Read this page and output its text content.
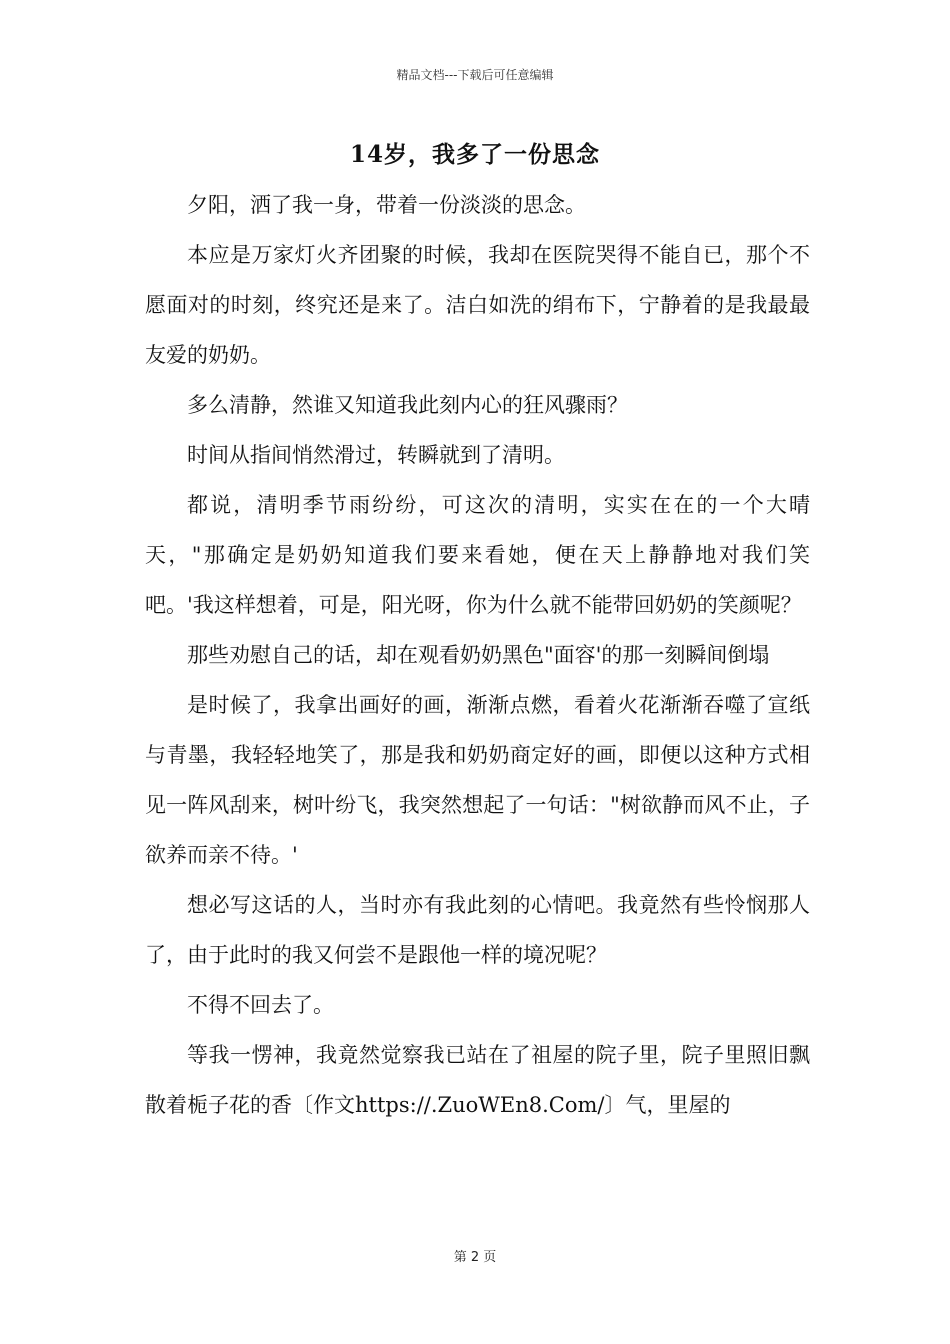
精品文档---下载后可任意编辑
14岁，我多了一份思念

夕阳，洒了我一身，带着一份淡淡的思念。

本应是万家灯火齐团聚的时候，我却在医院哭得不能自已，那个不愿面对的时刻，终究还是来了。洁白如洗的绢布下，宁静着的是我最最友爱的奶奶。

多么清静，然谁又知道我此刻内心的狂风骤雨？

时间从指间悄然滑过，转瞬就到了清明。

都说，清明季节雨纷纷，可这次的清明，实实在在的一个大晴天，"那确定是奶奶知道我们要来看她，便在天上静静地对我们笑吧。'我这样想着，可是，阳光呀，你为什么就不能带回奶奶的笑颜呢？

那些劝慰自己的话，却在观看奶奶黑色"面容'的那一刻瞬间倒塌

是时候了，我拿出画好的画，渐渐点燃，看着火花渐渐吞噬了宣纸与青墨，我轻轻地笑了，那是我和奶奶商定好的画，即便以这种方式相见一阵风刮来，树叶纷飞，我突然想起了一句话："树欲静而风不止，子欲养而亲不待。'

想必写这话的人，当时亦有我此刻的心情吧。我竟然有些怜悯那人了，由于此时的我又何尝不是跟他一样的境况呢？

不得不回去了。

等我一愣神，我竟然觉察我已站在了祖屋的院子里，院子里照旧飘散着栀子花的香〔作文https://.ZuoWEn8.Com/〕气，里屋的

第 2 页
